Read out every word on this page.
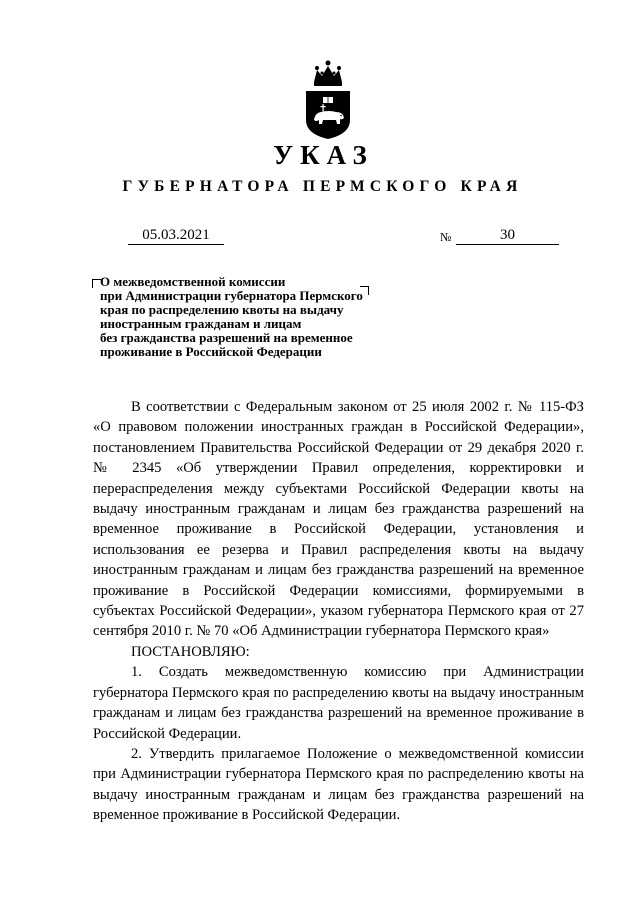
УКАЗ
ГУБЕРНАТОРА ПЕРМСКОГО КРАЯ
05.03.2021	№	30
О межведомственной комиссии
при Администрации губернатора Пермского
края по распределению квоты на выдачу
иностранным гражданам и лицам
без гражданства разрешений на временное
проживание в Российской Федерации

В соответствии с Федеральным законом от 25 июля 2002 г. № 115-ФЗ «О правовом положении иностранных граждан в Российской Федерации», постановлением Правительства Российской Федерации от 29 декабря 2020 г. № 2345 «Об утверждении Правил определения, корректировки и перераспределения между субъектами Российской Федерации квоты на выдачу иностранным гражданам и лицам без гражданства разрешений на временное проживание в Российской Федерации, установления и использования ее резерва и Правил распределения квоты на выдачу иностранным гражданам и лицам без гражданства разрешений на временное проживание в Российской Федерации комиссиями, формируемыми в субъектах Российской Федерации», указом губернатора Пермского края от 27 сентября 2010 г. № 70 «Об Администрации губернатора Пермского края»

ПОСТАНОВЛЯЮ:

1. Создать межведомственную комиссию при Администрации губернатора Пермского края по распределению квоты на выдачу иностранным гражданам и лицам без гражданства разрешений на временное проживание в Российской Федерации.

2. Утвердить прилагаемое Положение о межведомственной комиссии при Администрации губернатора Пермского края по распределению квоты на выдачу иностранным гражданам и лицам без гражданства разрешений на временное проживание в Российской Федерации.
